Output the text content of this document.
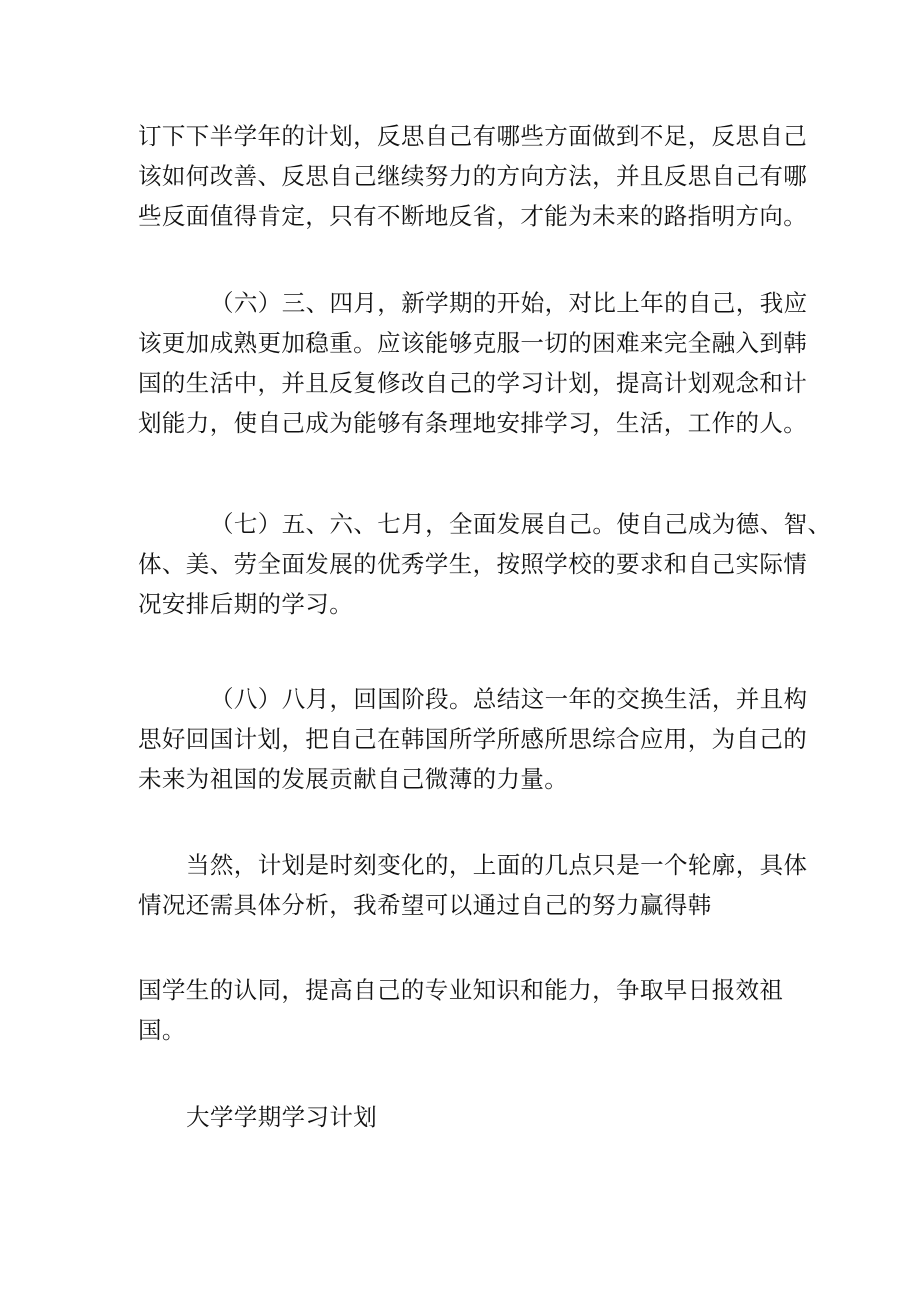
订下下半学年的计划，反思自己有哪些方面做到不足，反思自己
该如何改善、反思自己继续努力的方向方法，并且反思自己有哪
些反面值得肯定，只有不断地反省，才能为未来的路指明方向。

（六）三、四月，新学期的开始，对比上年的自己，我应
该更加成熟更加稳重。应该能够克服一切的困难来完全融入到韩
国的生活中，并且反复修改自己的学习计划，提高计划观念和计
划能力，使自己成为能够有条理地安排学习，生活，工作的人。

（七）五、六、七月，全面发展自己。使自己成为德、智、
体、美、劳全面发展的优秀学生，按照学校的要求和自己实际情
况安排后期的学习。

（八）八月，回国阶段。总结这一年的交换生活，并且构
思好回国计划，把自己在韩国所学所感所思综合应用，为自己的
未来为祖国的发展贡献自己微薄的力量。

当然，计划是时刻变化的，上面的几点只是一个轮廓，具体
情况还需具体分析，我希望可以通过自己的努力赢得韩

国学生的认同，提高自己的专业知识和能力，争取早日报效祖
国。

大学学期学习计划
